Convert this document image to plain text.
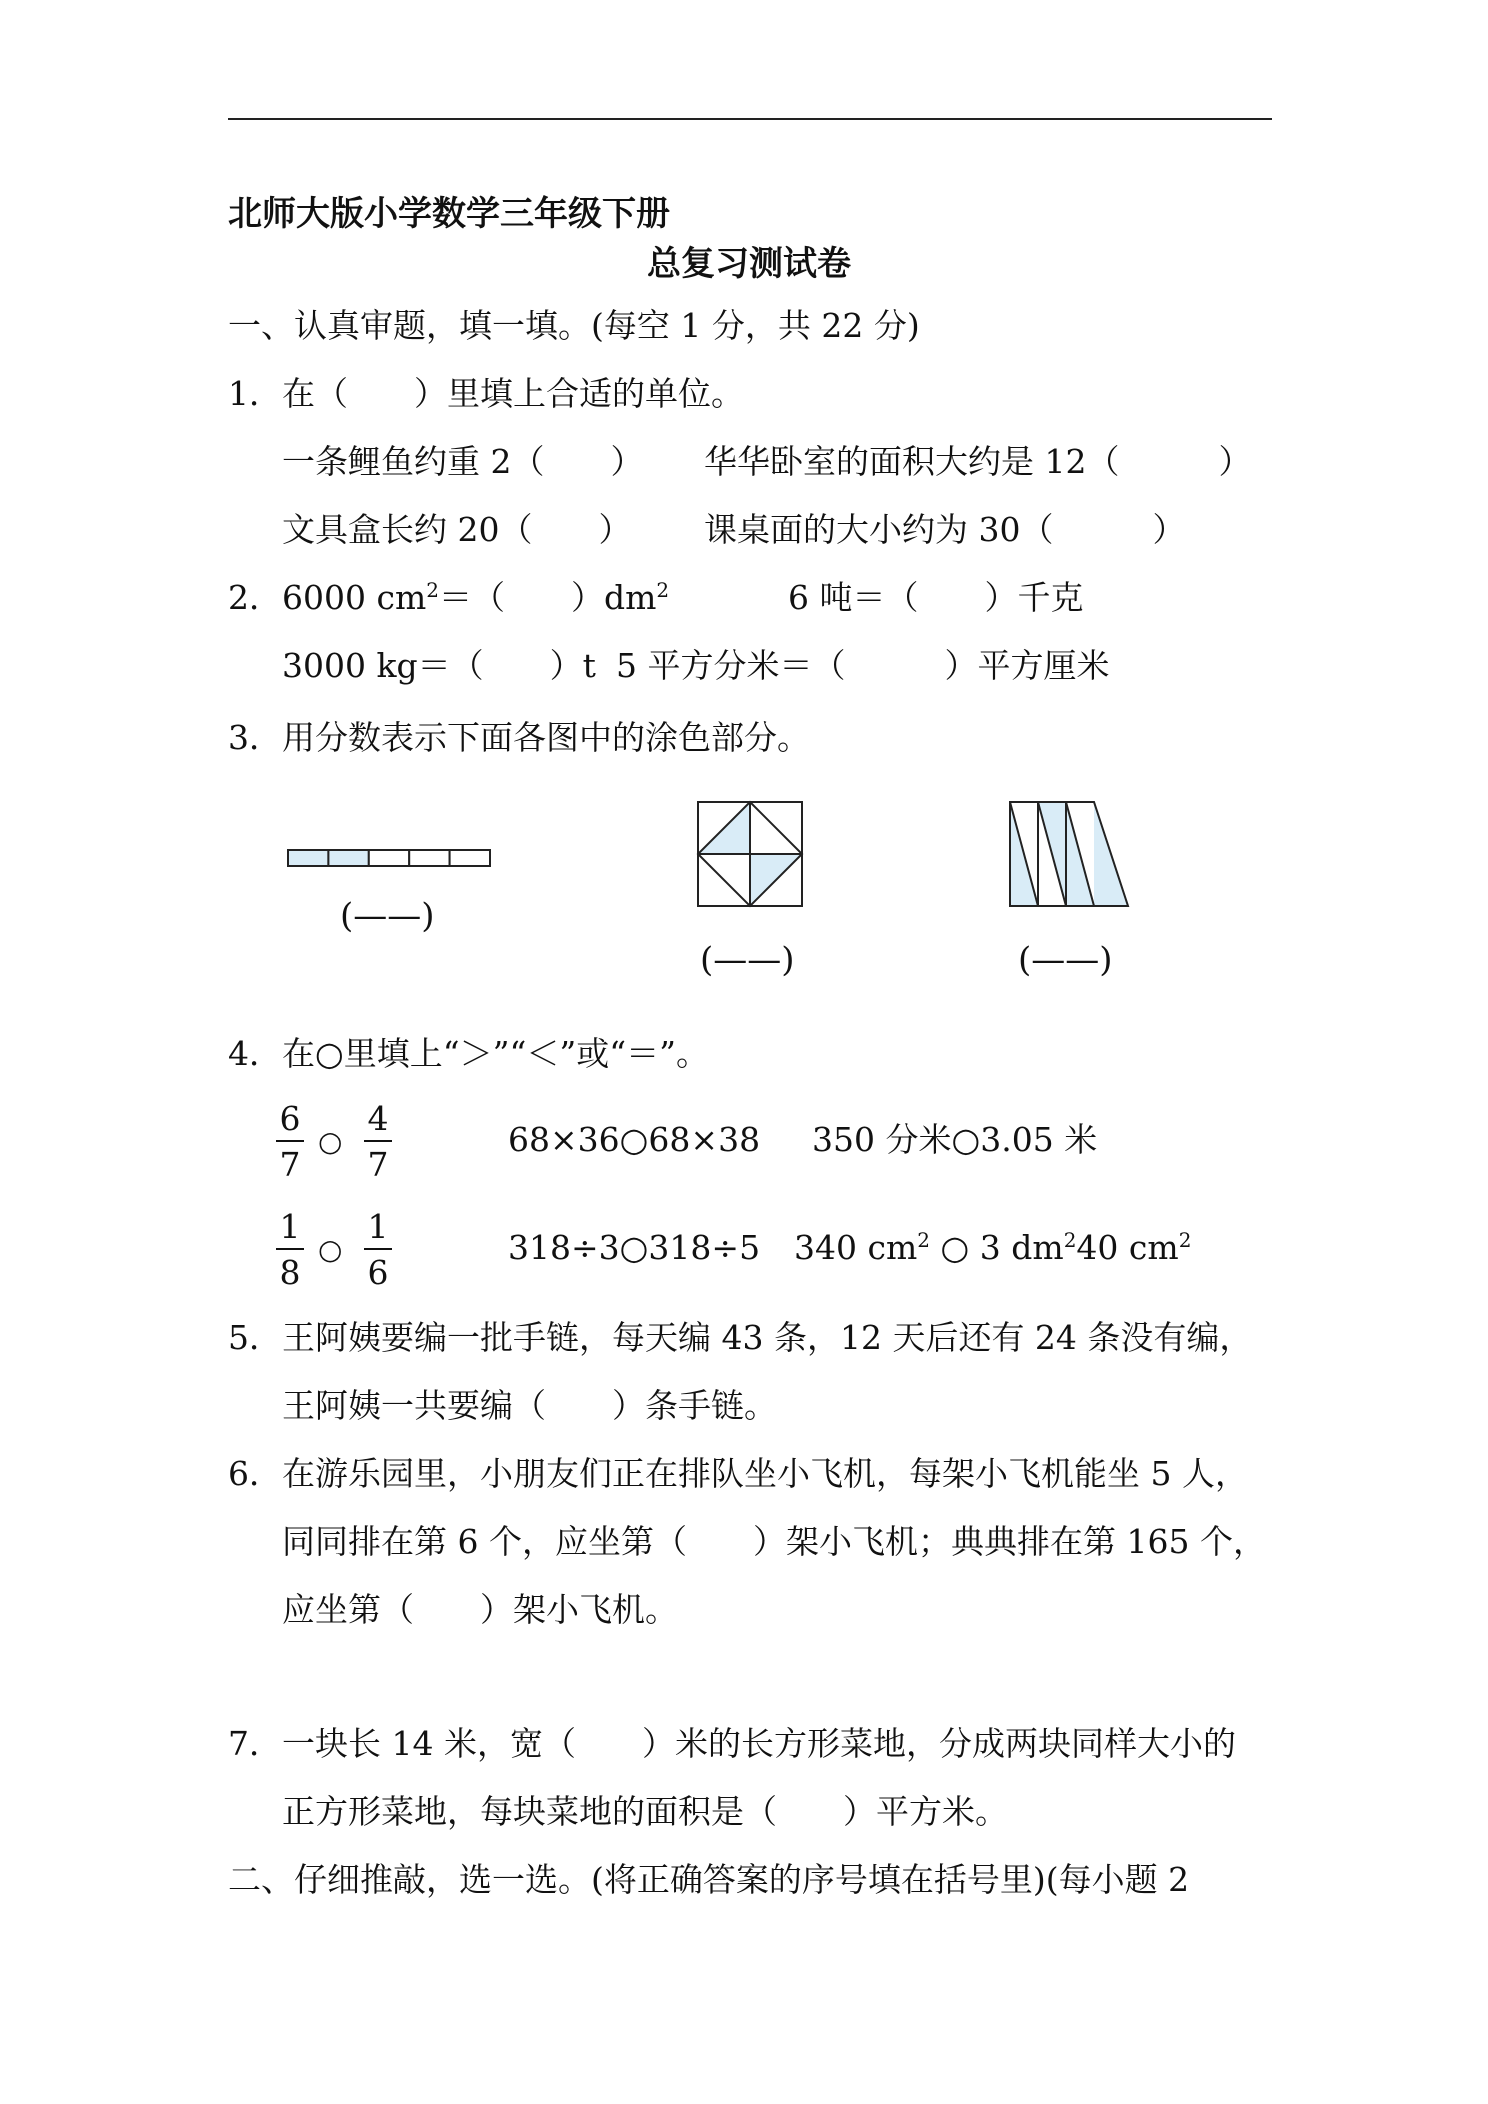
北师大版小学数学三年级下册
总复习测试卷
一、认真审题，填一填。(每空 1 分，共 22 分)
1．在（　　）里填上合适的单位。
一条鲤鱼约重 2（　　） 华华卧室的面积大约是 12（　　　）
文具盒长约 20（　　） 课桌面的大小约为 30（　　　）
2．6000 $cm^2=$（　　）$dm^2$	6 吨＝（　　）千克
3000 kg＝（　　）t 5 平方分米＝（　　　）平方厘米
3．用分数表示下面各图中的涂色部分。
(——)
(——)	(——)
4．在○里填上“＞”“＜”或“＝”。
6
7
○
4
7
68×36○68×38 350 分米○3.05 米
1
8
○
1
6
318÷3○318÷5 340 $cm^2$ ○ 3 $dm^240$ $cm^2$
5．王阿姨要编一批手链，每天编 43 条，12 天后还有 24 条没有编，
王阿姨一共要编（　　）条手链。
6．在游乐园里，小朋友们正在排队坐小飞机，每架小飞机能坐 5 人，
同同排在第 6 个，应坐第（　　）架小飞机；典典排在第 165 个，
应坐第（　　）架小飞机。
7．一块长 14 米，宽（　　）米的长方形菜地，分成两块同样大小的
正方形菜地，每块菜地的面积是（　　）平方米。
二、仔细推敲，选一选。(将正确答案的序号填在括号里)(每小题 2
